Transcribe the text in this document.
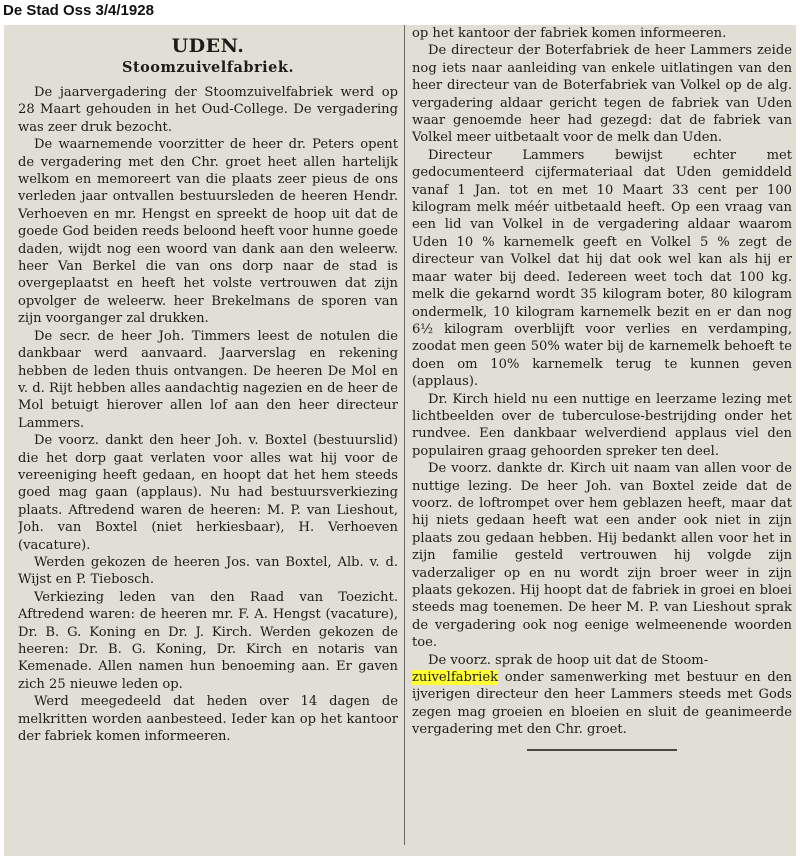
De Stad Oss 3/4/1928

UDEN.

Stoomzuivelfabriek.

De jaarvergadering der Stoomzuivelfabriek werd op 28 Maart gehouden in het Oud-College. De vergadering was zeer druk bezocht.

De waarnemende voorzitter de heer dr. Peters opent de vergadering met den Chr. groet heet allen hartelijk welkom en memoreert van die plaats zeer pieus de ons verleden jaar ontvallen bestuursleden de heeren Hendr. Verhoeven en mr. Hengst en spreekt de hoop uit dat de goede God beiden reeds beloond heeft voor hunne goede daden, wijdt nog een woord van dank aan den weleerw. heer Van Berkel die van ons dorp naar de stad is overgeplaatst en heeft het volste vertrouwen dat zijn opvolger de weleerw. heer Brekelmans de sporen van zijn voorganger zal drukken.

De secr. de heer Joh. Timmers leest de notulen die dankbaar werd aanvaard. Jaarverslag en rekening hebben de leden thuis ontvangen. De heeren De Mol en v. d. Rijt hebben alles aandachtig nagezien en de heer de Mol betuigt hierover allen lof aan den heer directeur Lammers.

De voorz. dankt den heer Joh. v. Boxtel (bestuurslid) die het dorp gaat verlaten voor alles wat hij voor de vereeniging heeft gedaan, en hoopt dat het hem steeds goed mag gaan (applaus). Nu had bestuursverkiezing plaats. Aftredend waren de heeren: M. P. van Lieshout, Joh. van Boxtel (niet herkiesbaar), H. Verhoeven (vacature).

Werden gekozen de heeren Jos. van Boxtel, Alb. v. d. Wijst en P. Tiebosch.

Verkiezing leden van den Raad van Toezicht. Aftredend waren: de heeren mr. F. A. Hengst (vacature), Dr. B. G. Koning en Dr. J. Kirch. Werden gekozen de heeren: Dr. B. G. Koning, Dr. Kirch en notaris van Kemenade. Allen namen hun benoeming aan. Er gaven zich 25 nieuwe leden op.

Werd meegedeeld dat heden over 14 dagen de melkritten worden aanbesteed. Ieder kan op het kantoor der fabriek komen informeeren.

op het kantoor der fabriek komen informeeren.

De directeur der Boterfabriek de heer Lammers zeide nog iets naar aanleiding van enkele uitlatingen van den heer directeur van de Boterfabriek van Volkel op de alg. vergadering aldaar gericht tegen de fabriek van Uden waar genoemde heer had gezegd: dat de fabriek van Volkel meer uitbetaalt voor de melk dan Uden.

Directeur Lammers bewijst echter met gedocumenteerd cijfermateriaal dat Uden gemiddeld vanaf 1 Jan. tot en met 10 Maart 33 cent per 100 kilogram melk méér uitbetaald heeft. Op een vraag van een lid van Volkel in de vergadering aldaar waarom Uden 10 % karnemelk geeft en Volkel 5 % zegt de directeur van Volkel dat hij dat ook wel kan als hij er maar water bij deed. Iedereen weet toch dat 100 kg. melk die gekarnd wordt 35 kilogram boter, 80 kilogram ondermelk, 10 kilogram karnemelk bezit en er dan nog 6½ kilogram overblijft voor verlies en verdamping, zoodat men geen 50% water bij de karnemelk behoeft te doen om 10% karnemelk terug te kunnen geven (applaus).

Dr. Kirch hield nu een nuttige en leerzame lezing met lichtbeelden over de tuberculose-bestrijding onder het rundvee. Een dankbaar welverdiend applaus viel den populairen graag gehoorden spreker ten deel.

De voorz. dankte dr. Kirch uit naam van allen voor de nuttige lezing. De heer Joh. van Boxtel zeide dat de voorz. de loftrompet over hem geblazen heeft, maar dat hij niets gedaan heeft wat een ander ook niet in zijn plaats zou gedaan hebben. Hij bedankt allen voor het in zijn familie gesteld vertrouwen hij volgde zijn vaderzaliger op en nu wordt zijn broer weer in zijn plaats gekozen. Hij hoopt dat de fabriek in groei en bloei steeds mag toenemen. De heer M. P. van Lieshout sprak de vergadering ook nog eenige welmeenende woorden toe.

De voorz. sprak de hoop uit dat de Stoom-
zuivelfabriek onder samenwerking met bestuur en den ijverigen directeur den heer Lammers steeds met Gods zegen mag groeien en bloeien en sluit de geanimeerde vergadering met den Chr. groet.
